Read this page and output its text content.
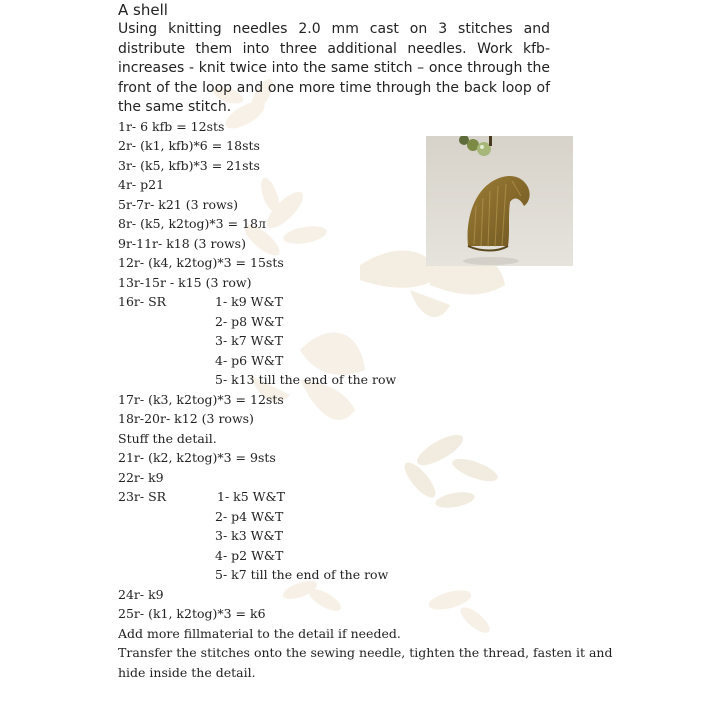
A shell

Using knitting needles 2.0 mm cast on 3 stitches and distribute them into three additional needles. Work kfb-increases - knit twice into the same stitch – once through the front of the loop and one more time through the back loop of the same stitch.

1r- 6 kfb = 12sts
2r- (k1, kfb)*6 = 18sts
3r- (k5, kfb)*3 = 21sts
4r- p21
5r-7r- k21 (3 rows)
8r- (k5, k2tog)*3 = 18л
9r-11r- k18 (3 rows)
12r- (k4, k2tog)*3 = 15sts
13r-15r - k15 (3 row)
16r- SR	1- k9 W&T
2- p8 W&T
3- k7 W&T
4- p6 W&T
5- k13 till the end of the row
17r- (k3, k2tog)*3 = 12sts
18r-20r- k12 (3 rows)
Stuff the detail.
21r- (k2, k2tog)*3 = 9sts
22r- k9
23r- SR	1- k5 W&T
2- p4 W&T
3- k3 W&T
4- p2 W&T
5- k7 till the end of the row
24r- k9
25r- (k1, k2tog)*3 = k6
Add more fillmaterial to the detail if needed.
Transfer the stitches onto the sewing needle, tighten the thread, fasten it and
hide inside the detail.
